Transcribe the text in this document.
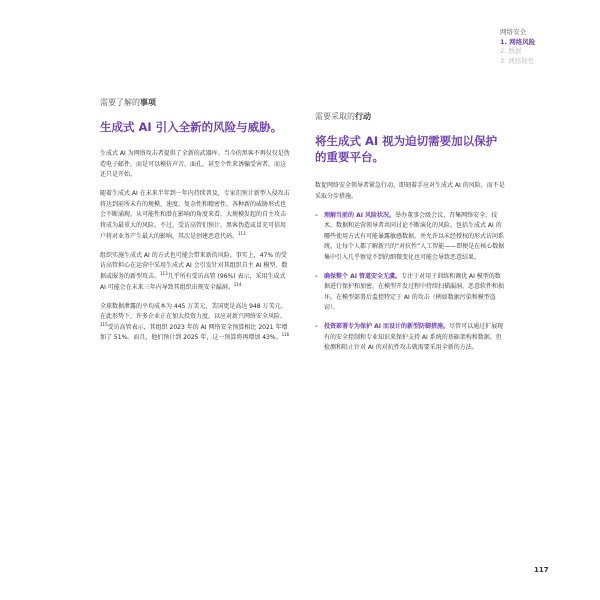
网络安全
1. 网络风险
2. 数据
3. 网络韧性
需要了解的事项
生成式 AI 引入全新的风险与威胁。

生成式 AI 为网络攻击者提供了全新的武器库。当今的黑客不再仅仅是伪造电子邮件，而是可以模仿声音、面孔，甚至个性来诱骗受害者。而这还只是开始。

随着生成式 AI 在未来半年到一年内持续普及，专家们预计新型入侵攻击将达到前所未有的规模、速度、复杂性和精密性，各种新的威胁形式也会不断涌现。从可能性和潜在影响的角度来看，大规模发起的自主攻击将成为最重大的风险。不过，受访高管们预计，黑客伪造或冒充可信用户将对业务产生最大的影响，其次是创建恶意代码。$^{113}$

组织实施生成式 AI 的方式也可能会带来新的风险。事实上，47% 的受访高管担心在运营中采用生成式 AI 会引发针对其组织自主 AI 模型、数据或服务的新型攻击。$^{113}$几乎所有受访高管 (96%) 表示，采用生成式 AI 可能会在未来三年内导致其组织出现安全漏洞。$^{114}$

全球数据泄露的平均成本为 445 万美元，美国更是高达 948 万美元。在此形势下，许多企业正在加大投资力度，以应对新兴网络安全风险。$^{115}$受访高管表示，其组织 2023 年的 AI 网络安全预算相比 2021 年增加了 51%。而且，他们预计到 2025 年，这一预算将再增加 43%。$^{116}$

需要采取的行动
将生成式 AI 视为迫切需要加以保护的重要平台。

数促网络安全领导者紧急行动，即刻着手应对生成式 AI 的风险，而不是采取分步措施。

– 理解当前的 AI 风险状况。举办董事会级会议，召集网络安全、技术、数据和运营领导者共同讨论不断演化的风险。包括生成式 AI 的哪些使用方式有可能暴露敏感数据，并允许以未经授权的形式访问系统。让每个人都了解新兴的“对抗性”人工智能——即便是在核心数据集中引入几乎察觉不到的细微变化也可能会导致恶意结果。
– 确保整个 AI 管道安全无虞。专注于对用于训练和调优 AI 模型的数据进行保护和加密。在模型开发过程中持续扫描漏洞、恶意软件和损坏。在模型部署后监控特定于 AI 的攻击（例如数据污染和模型盗窃）。
– 投资部署专为保护 AI 而设计的新型防御措施。尽管可以通过扩展现有的安全控制和专业知识来保护支持 AI 系统的基础架构和数据，但检测和阻止针对 AI 的对抗性攻击就需要采用全新的方法。
117
